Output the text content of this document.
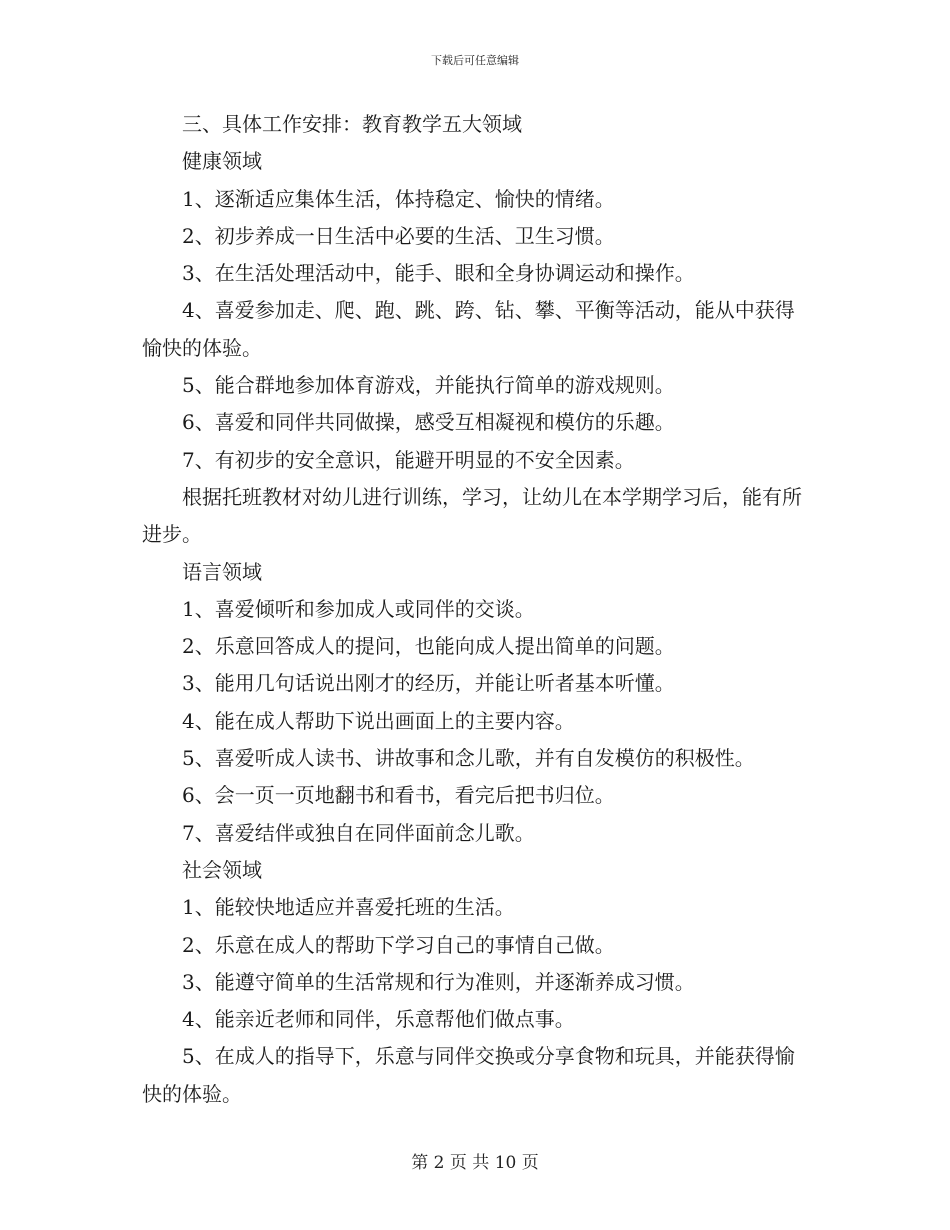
下载后可任意编辑

三、具体工作安排：教育教学五大领域

健康领域

1、逐渐适应集体生活，体持稳定、愉快的情绪。

2、初步养成一日生活中必要的生活、卫生习惯。

3、在生活处理活动中，能手、眼和全身协调运动和操作。

4、喜爱参加走、爬、跑、跳、跨、钻、攀、平衡等活动，能从中获得愉快的体验。

5、能合群地参加体育游戏，并能执行简单的游戏规则。

6、喜爱和同伴共同做操，感受互相凝视和模仿的乐趣。

7、有初步的安全意识，能避开明显的不安全因素。

根据托班教材对幼儿进行训练，学习，让幼儿在本学期学习后，能有所进步。

语言领域

1、喜爱倾听和参加成人或同伴的交谈。

2、乐意回答成人的提问，也能向成人提出简单的问题。

3、能用几句话说出刚才的经历，并能让听者基本听懂。

4、能在成人帮助下说出画面上的主要内容。

5、喜爱听成人读书、讲故事和念儿歌，并有自发模仿的积极性。

6、会一页一页地翻书和看书，看完后把书归位。

7、喜爱结伴或独自在同伴面前念儿歌。

社会领域

1、能较快地适应并喜爱托班的生活。

2、乐意在成人的帮助下学习自己的事情自己做。

3、能遵守简单的生活常规和行为准则，并逐渐养成习惯。

4、能亲近老师和同伴，乐意帮他们做点事。

5、在成人的指导下，乐意与同伴交换或分享食物和玩具，并能获得愉快的体验。

第 2 页 共 10 页
